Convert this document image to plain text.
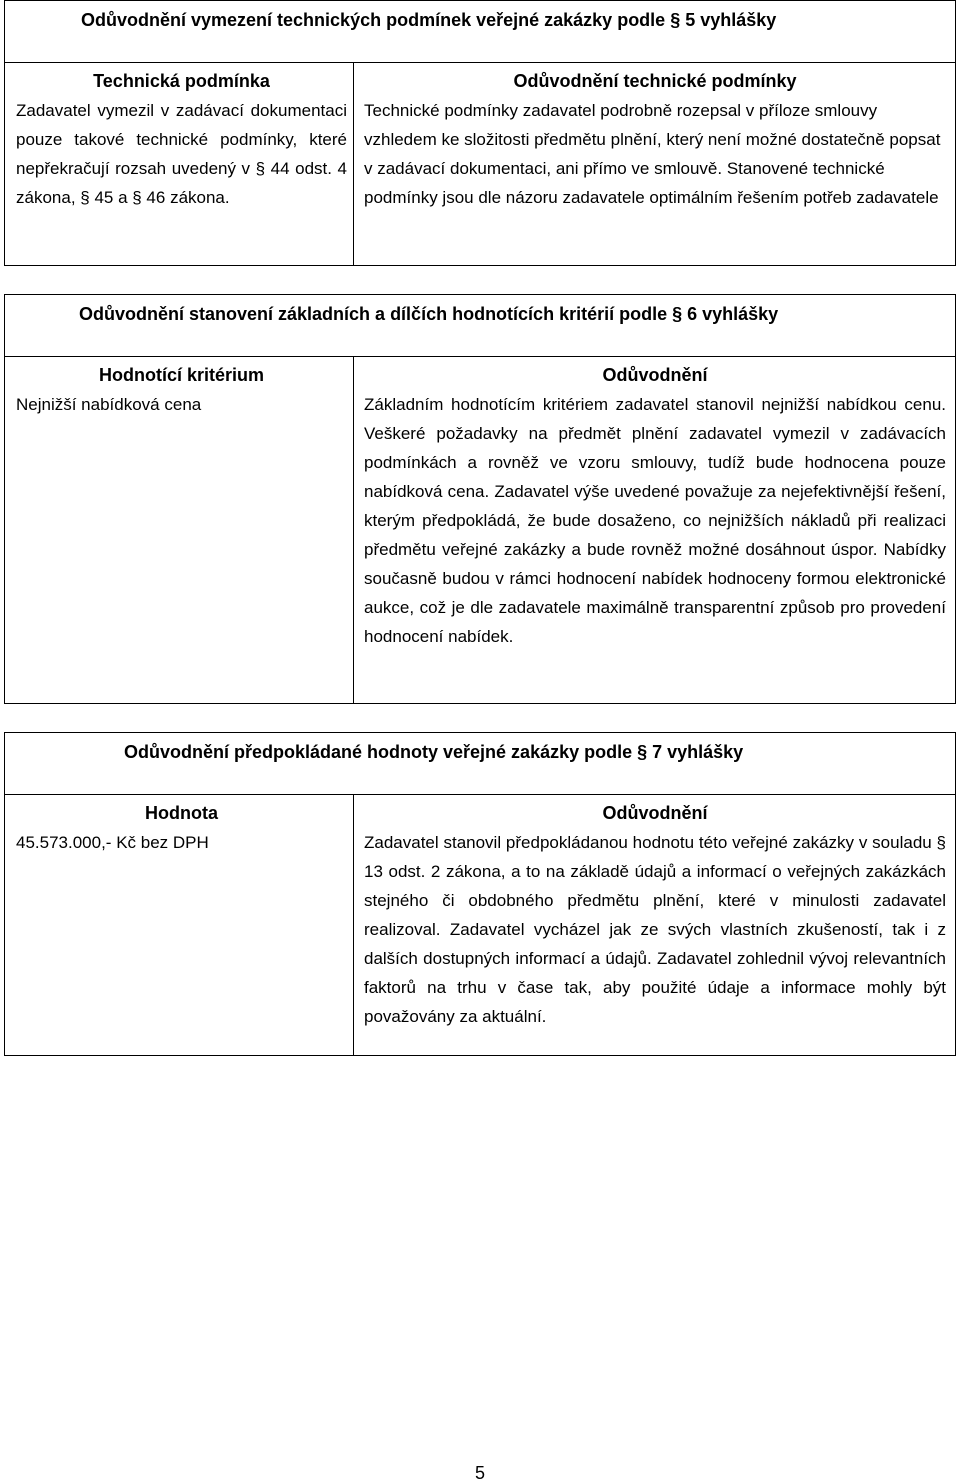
Odůvodnění vymezení technických podmínek veřejné zakázky podle § 5 vyhlášky
Technická podmínka
Zadavatel vymezil v zadávací dokumentaci pouze takové technické podmínky, které nepřekračují rozsah uvedený v § 44 odst. 4 zákona, § 45 a § 46 zákona.
Odůvodnění technické podmínky
Technické podmínky zadavatel podrobně rozepsal v příloze smlouvy vzhledem ke složitosti předmětu plnění, který není možné dostatečně popsat v zadávací dokumentaci, ani přímo ve smlouvě. Stanovené technické podmínky jsou dle názoru zadavatele optimálním řešením potřeb zadavatele
Odůvodnění stanovení základních a dílčích hodnotících kritérií podle § 6 vyhlášky
Hodnotící kritérium
Nejnižší nabídková cena
Odůvodnění
Základním hodnotícím kritériem zadavatel stanovil nejnižší nabídkou cenu. Veškeré požadavky na předmět plnění zadavatel vymezil v zadávacích podmínkách a rovněž ve vzoru smlouvy, tudíž bude hodnocena pouze nabídková cena. Zadavatel výše uvedené považuje za nejefektivnější řešení, kterým předpokládá, že bude dosaženo, co nejnižších nákladů při realizaci předmětu veřejné zakázky a bude rovněž možné dosáhnout úspor. Nabídky současně budou v rámci hodnocení nabídek hodnoceny formou elektronické aukce, což je dle zadavatele maximálně transparentní způsob pro provedení hodnocení nabídek.
Odůvodnění předpokládané hodnoty veřejné zakázky podle § 7 vyhlášky
Hodnota
45.573.000,- Kč bez DPH
Odůvodnění
Zadavatel stanovil předpokládanou hodnotu této veřejné zakázky v souladu § 13 odst. 2 zákona, a to na základě údajů a informací o veřejných zakázkách stejného či obdobného předmětu plnění, které v minulosti zadavatel realizoval. Zadavatel vycházel jak ze svých vlastních zkušeností, tak i z dalších dostupných informací a údajů. Zadavatel zohlednil vývoj relevantních faktorů na trhu v čase tak, aby použité údaje a informace mohly být považovány za aktuální.
5
